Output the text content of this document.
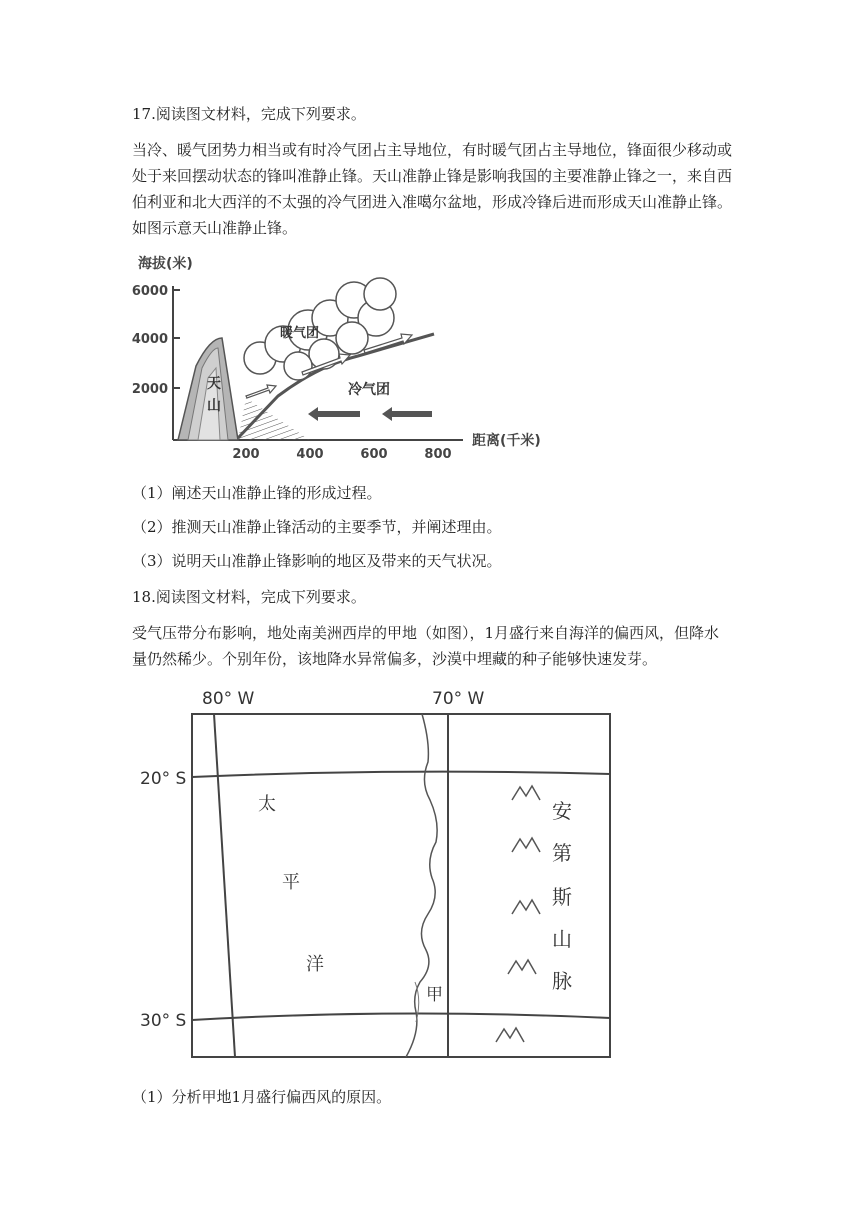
17.阅读图文材料，完成下列要求。
当冷、暖气团势力相当或有时冷气团占主导地位，有时暖气团占主导地位，锋面很少移动或
处于来回摆动状态的锋叫准静止锋。天山准静止锋是影响我国的主要准静止锋之一，来自西
伯利亚和北大西洋的不太强的冷气团进入准噶尔盆地，形成冷锋后进而形成天山准静止锋。
如图示意天山准静止锋。
海拔(米)
6000
4000
2000
200	400	600	800
距离(千米)
天
山
暖气团
冷气团
（1）阐述天山准静止锋的形成过程。
（2）推测天山准静止锋活动的主要季节，并阐述理由。
（3）说明天山准静止锋影响的地区及带来的天气状况。
18.阅读图文材料，完成下列要求。
受气压带分布影响，地处南美洲西岸的甲地（如图），1月盛行来自海洋的偏西风，但降水
量仍然稀少。个别年份，该地降水异常偏多，沙漠中埋藏的种子能够快速发芽。
80° W	70° W
20° S
30° S
太
平
洋
安
第
斯
山
脉
甲
（1）分析甲地1月盛行偏西风的原因。
